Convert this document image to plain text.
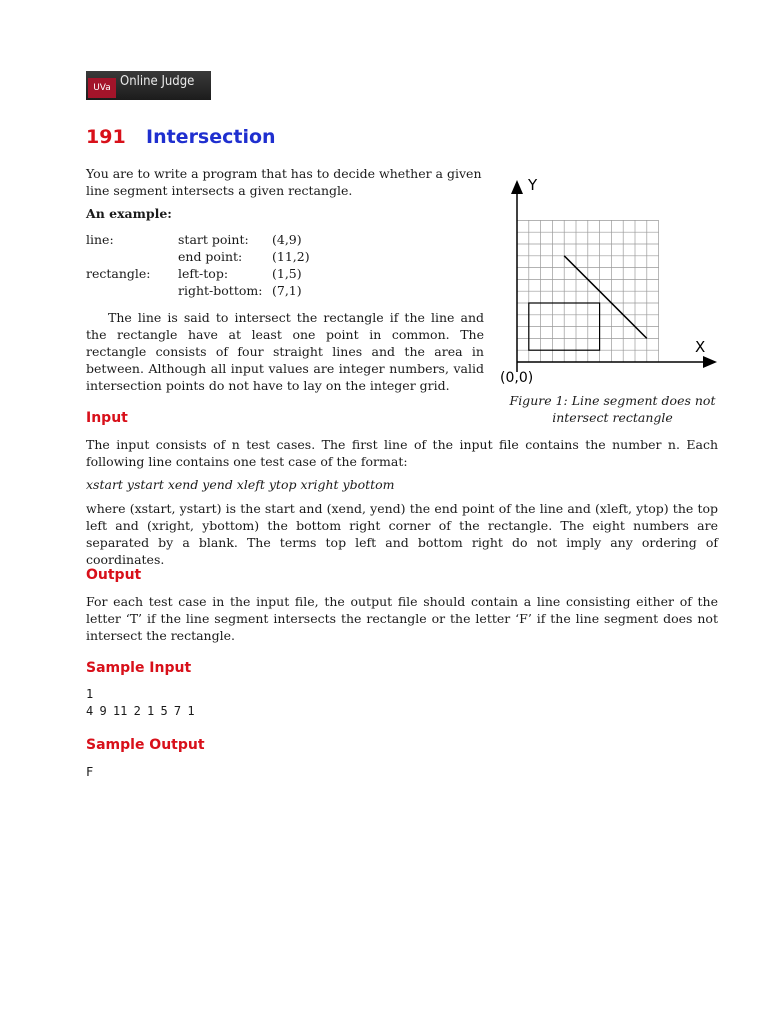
UVa Online Judge
191 Intersection
You are to write a program that has to decide whether a given line segment intersects a given rectangle.
An example:
line:	start point: (4,9)
end point: (11,2)
rectangle: left-top:	(1,5)
right-bottom: (7,1)
The line is said to intersect the rectangle if the line and the rectangle have at least one point in common. The rectangle consists of four straight lines and the area in between. Although all input values are integer numbers, valid intersection points do not have to lay on the integer grid.
Y
X
(0,0)
Figure 1: Line segment does not intersect rectangle
Input
The input consists of n test cases. The first line of the input file contains the number n. Each following line contains one test case of the format:
xstart ystart xend yend xleft ytop xright ybottom
where (xstart, ystart) is the start and (xend, yend) the end point of the line and (xleft, ytop) the top left and (xright, ybottom) the bottom right corner of the rectangle. The eight numbers are separated by a blank. The terms top left and bottom right do not imply any ordering of coordinates.
Output
For each test case in the input file, the output file should contain a line consisting either of the letter ‘T’ if the line segment intersects the rectangle or the letter ‘F’ if the line segment does not intersect the rectangle.
Sample Input
1
4 9 11 2 1 5 7 1
Sample Output
F
